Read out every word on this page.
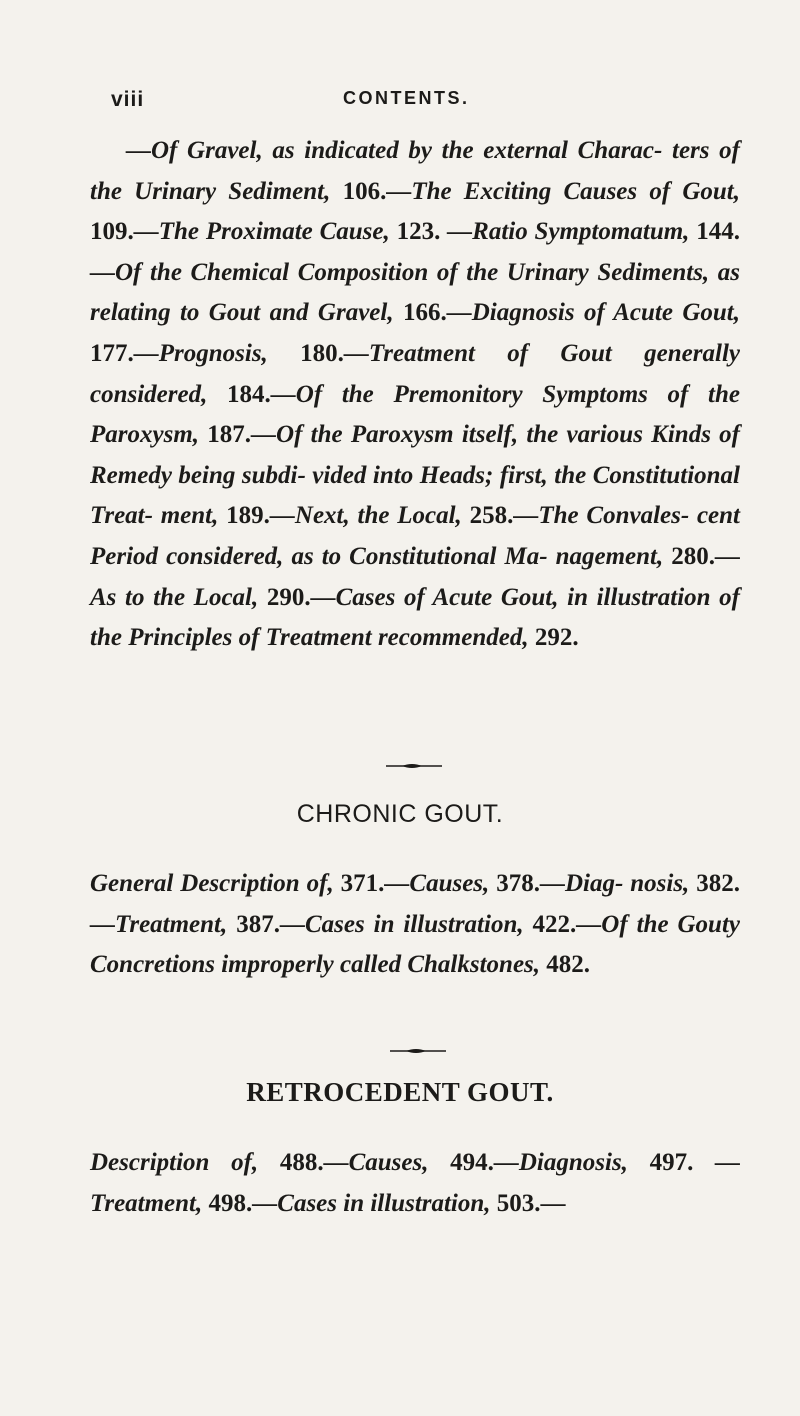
viii	CONTENTS.

—Of Gravel, as indicated by the external Charac- ters of the Urinary Sediment, 106.—The Exciting Causes of Gout, 109.—The Proximate Cause, 123. —Ratio Symptomatum, 144.—Of the Chemical Composition of the Urinary Sediments, as relating to Gout and Gravel, 166.—Diagnosis of Acute Gout, 177.—Prognosis, 180.—Treatment of Gout generally considered, 184.—Of the Premonitory Symptoms of the Paroxysm, 187.—Of the Paroxysm itself, the various Kinds of Remedy being subdi- vided into Heads; first, the Constitutional Treat- ment, 189.—Next, the Local, 258.—The Convales- cent Period considered, as to Constitutional Ma- nagement, 280.—As to the Local, 290.—Cases of Acute Gout, in illustration of the Principles of Treatment recommended, 292.

CHRONIC GOUT.

General Description of, 371.—Causes, 378.—Diag- nosis, 382.—Treatment, 387.—Cases in illustration, 422.—Of the Gouty Concretions improperly called Chalkstones, 482.

RETROCEDENT GOUT.

Description of, 488.—Causes, 494.—Diagnosis, 497. —Treatment, 498.—Cases in illustration, 503.—
